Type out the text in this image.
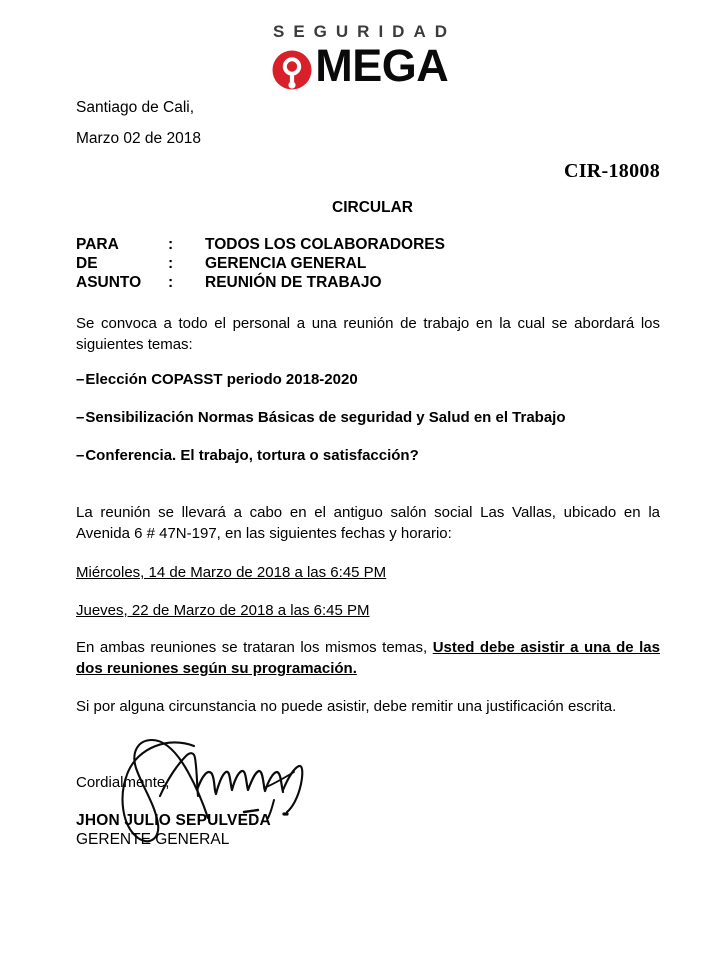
SEGURIDAD
MEGA
Santiago de Cali,
Marzo 02 de 2018
CIR-18008
CIRCULAR
PARA	:	TODOS LOS COLABORADORES
DE	:	GERENCIA GENERAL
ASUNTO	:	REUNIÓN DE TRABAJO

Se convoca a todo el personal a una reunión de trabajo en la cual se abordará los siguientes temas:

–Elección COPASST periodo 2018-2020
–Sensibilización Normas Básicas de seguridad y Salud en el Trabajo
–Conferencia. El trabajo, tortura o satisfacción?

La reunión se llevará a cabo en el antiguo salón social Las Vallas, ubicado en la Avenida 6 # 47N-197, en las siguientes fechas y horario:

Miércoles, 14 de Marzo de 2018 a las 6:45 PM
Jueves, 22 de Marzo de 2018 a las 6:45 PM

En ambas reuniones se trataran los mismos temas, Usted debe asistir a una de las dos reuniones según su programación.

Si por alguna circunstancia no puede asistir, debe remitir una justificación escrita.

Cordialmente,
JHON JULIO SEPULVEDA
GERENTE GENERAL
